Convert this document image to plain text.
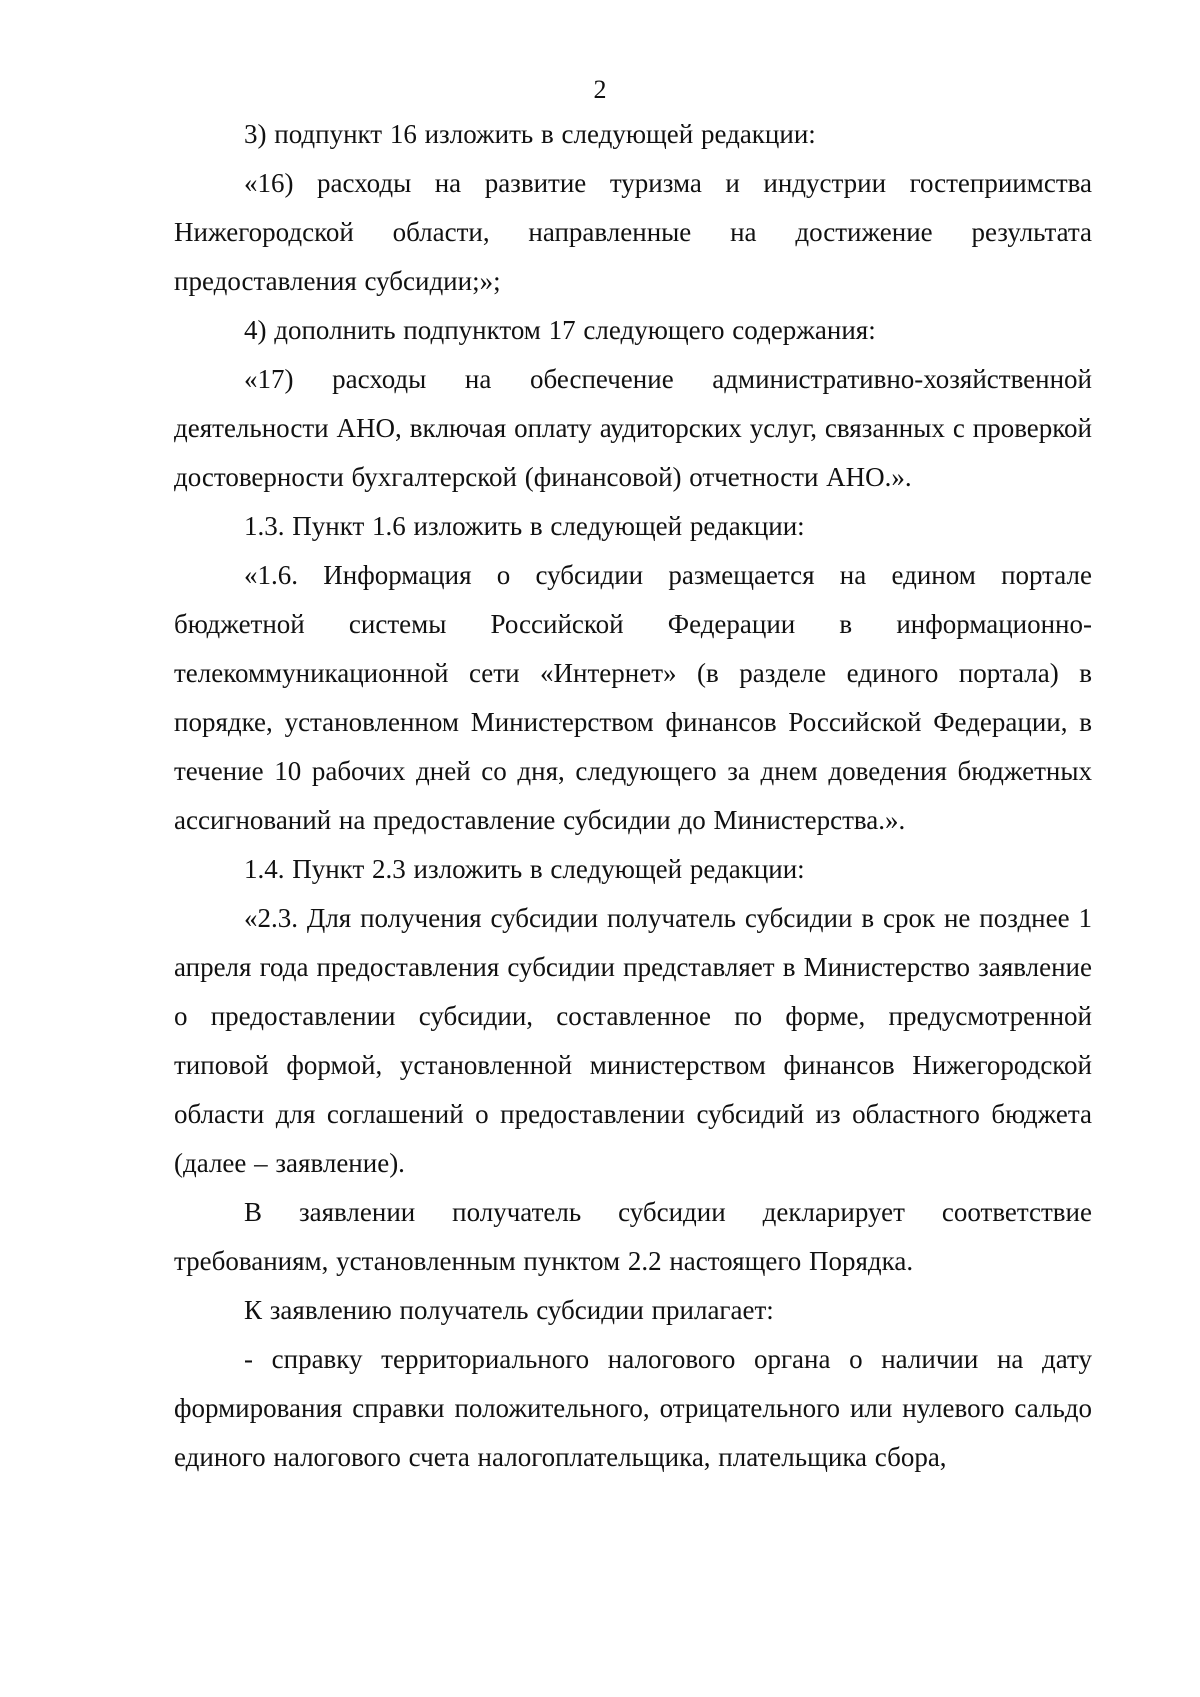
2

3) подпункт 16 изложить в следующей редакции:

«16) расходы на развитие туризма и индустрии гостеприимства Нижегородской области, направленные на достижение результата предоставления субсидии;»;

4) дополнить подпунктом 17 следующего содержания:

«17) расходы на обеспечение административно-хозяйственной деятельности АНО, включая оплату аудиторских услуг, связанных с проверкой достоверности бухгалтерской (финансовой) отчетности АНО.».

1.3. Пункт 1.6 изложить в следующей редакции:

«1.6. Информация о субсидии размещается на едином портале бюджетной системы Российской Федерации в информационно-телекоммуникационной сети «Интернет» (в разделе единого портала) в порядке, установленном Министерством финансов Российской Федерации, в течение 10 рабочих дней со дня, следующего за днем доведения бюджетных ассигнований на предоставление субсидии до Министерства.».

1.4. Пункт 2.3 изложить в следующей редакции:

«2.3. Для получения субсидии получатель субсидии в срок не позднее 1 апреля года предоставления субсидии представляет в Министерство заявление о предоставлении субсидии, составленное по форме, предусмотренной типовой формой, установленной министерством финансов Нижегородской области для соглашений о предоставлении субсидий из областного бюджета (далее – заявление).

В заявлении получатель субсидии декларирует соответствие требованиям, установленным пунктом 2.2 настоящего Порядка.

К заявлению получатель субсидии прилагает:

- справку территориального налогового органа о наличии на дату формирования справки положительного, отрицательного или нулевого сальдо единого налогового счета налогоплательщика, плательщика сбора,
